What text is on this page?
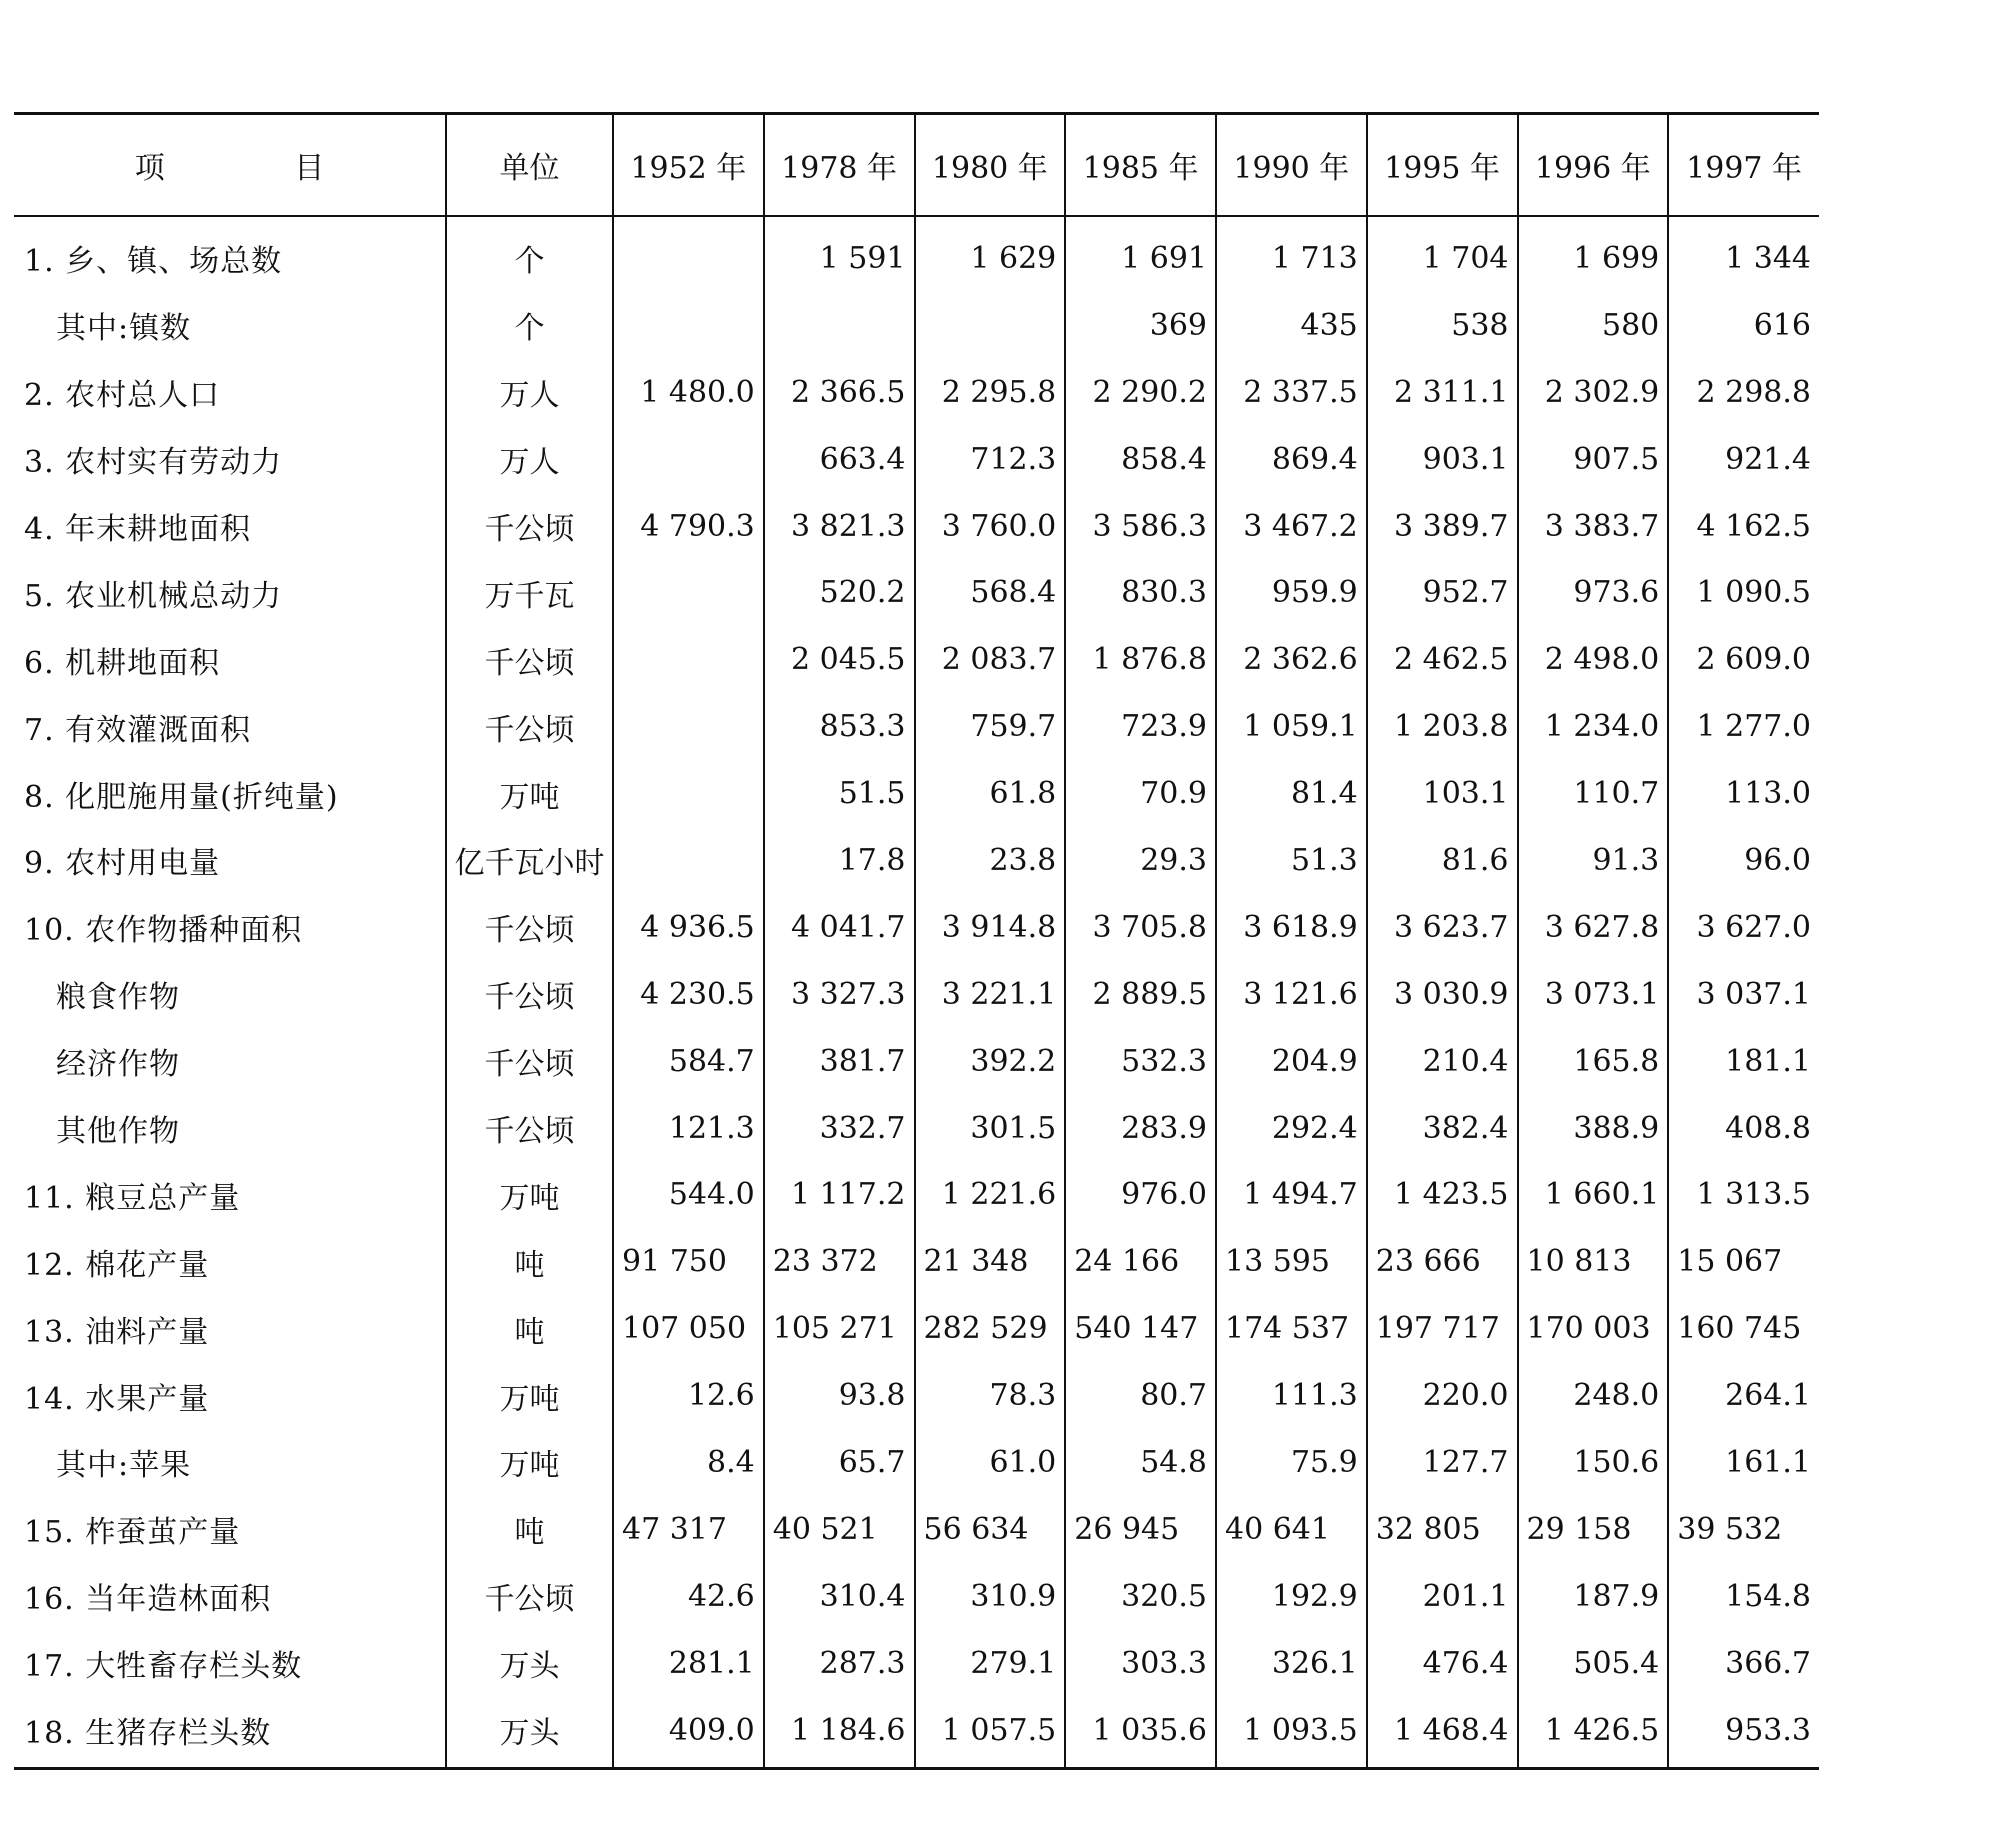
项 目	单位	1952 年	1978 年	1980 年	1985 年	1990 年	1995 年	1996 年	1997 年
1. 乡、镇、场总数	个		1 591	1 629	1 691	1 713	1 704	1 699	1 344
其中:镇数	个				369	435	538	580	616
2. 农村总人口	万人	1 480.0	2 366.5	2 295.8	2 290.2	2 337.5	2 311.1	2 302.9	2 298.8
3. 农村实有劳动力	万人		663.4	712.3	858.4	869.4	903.1	907.5	921.4
4. 年末耕地面积	千公顷	4 790.3	3 821.3	3 760.0	3 586.3	3 467.2	3 389.7	3 383.7	4 162.5
5. 农业机械总动力	万千瓦		520.2	568.4	830.3	959.9	952.7	973.6	1 090.5
6. 机耕地面积	千公顷		2 045.5	2 083.7	1 876.8	2 362.6	2 462.5	2 498.0	2 609.0
7. 有效灌溉面积	千公顷		853.3	759.7	723.9	1 059.1	1 203.8	1 234.0	1 277.0
8. 化肥施用量(折纯量)	万吨		51.5	61.8	70.9	81.4	103.1	110.7	113.0
9. 农村用电量	亿千瓦小时		17.8	23.8	29.3	51.3	81.6	91.3	96.0
10. 农作物播种面积	千公顷	4 936.5	4 041.7	3 914.8	3 705.8	3 618.9	3 623.7	3 627.8	3 627.0
粮食作物	千公顷	4 230.5	3 327.3	3 221.1	2 889.5	3 121.6	3 030.9	3 073.1	3 037.1
经济作物	千公顷	584.7	381.7	392.2	532.3	204.9	210.4	165.8	181.1
其他作物	千公顷	121.3	332.7	301.5	283.9	292.4	382.4	388.9	408.8
11. 粮豆总产量	万吨	544.0	1 117.2	1 221.6	976.0	1 494.7	1 423.5	1 660.1	1 313.5
12. 棉花产量	吨	91 750	23 372	21 348	24 166	13 595	23 666	10 813	15 067
13. 油料产量	吨	107 050	105 271	282 529	540 147	174 537	197 717	170 003	160 745
14. 水果产量	万吨	12.6	93.8	78.3	80.7	111.3	220.0	248.0	264.1
其中:苹果	万吨	8.4	65.7	61.0	54.8	75.9	127.7	150.6	161.1
15. 柞蚕茧产量	吨	47 317	40 521	56 634	26 945	40 641	32 805	29 158	39 532
16. 当年造林面积	千公顷	42.6	310.4	310.9	320.5	192.9	201.1	187.9	154.8
17. 大牲畜存栏头数	万头	281.1	287.3	279.1	303.3	326.1	476.4	505.4	366.7
18. 生猪存栏头数	万头	409.0	1 184.6	1 057.5	1 035.6	1 093.5	1 468.4	1 426.5	953.3
